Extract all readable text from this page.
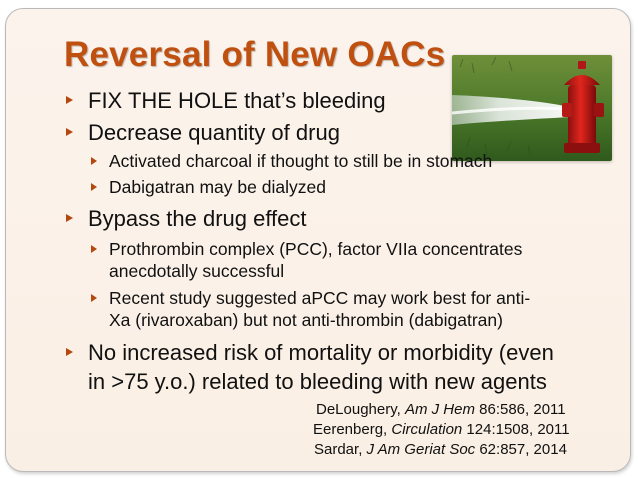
Reversal of New OACs
FIX THE HOLE that’s bleeding
Decrease quantity of drug
Activated charcoal if thought to still be in stomach
Dabigatran may be dialyzed
Bypass the drug effect
Prothrombin complex (PCC), factor VIIa concentrates
anecdotally successful
Recent study suggested aPCC may work best for anti-
Xa (rivaroxaban) but not anti-thrombin (dabigatran)
No increased risk of mortality or morbidity (even
in >75 y.o.) related to bleeding with new agents
DeLoughery, Am J Hem 86:586, 2011
Eerenberg, Circulation 124:1508, 2011
Sardar, J Am Geriat Soc 62:857, 2014
